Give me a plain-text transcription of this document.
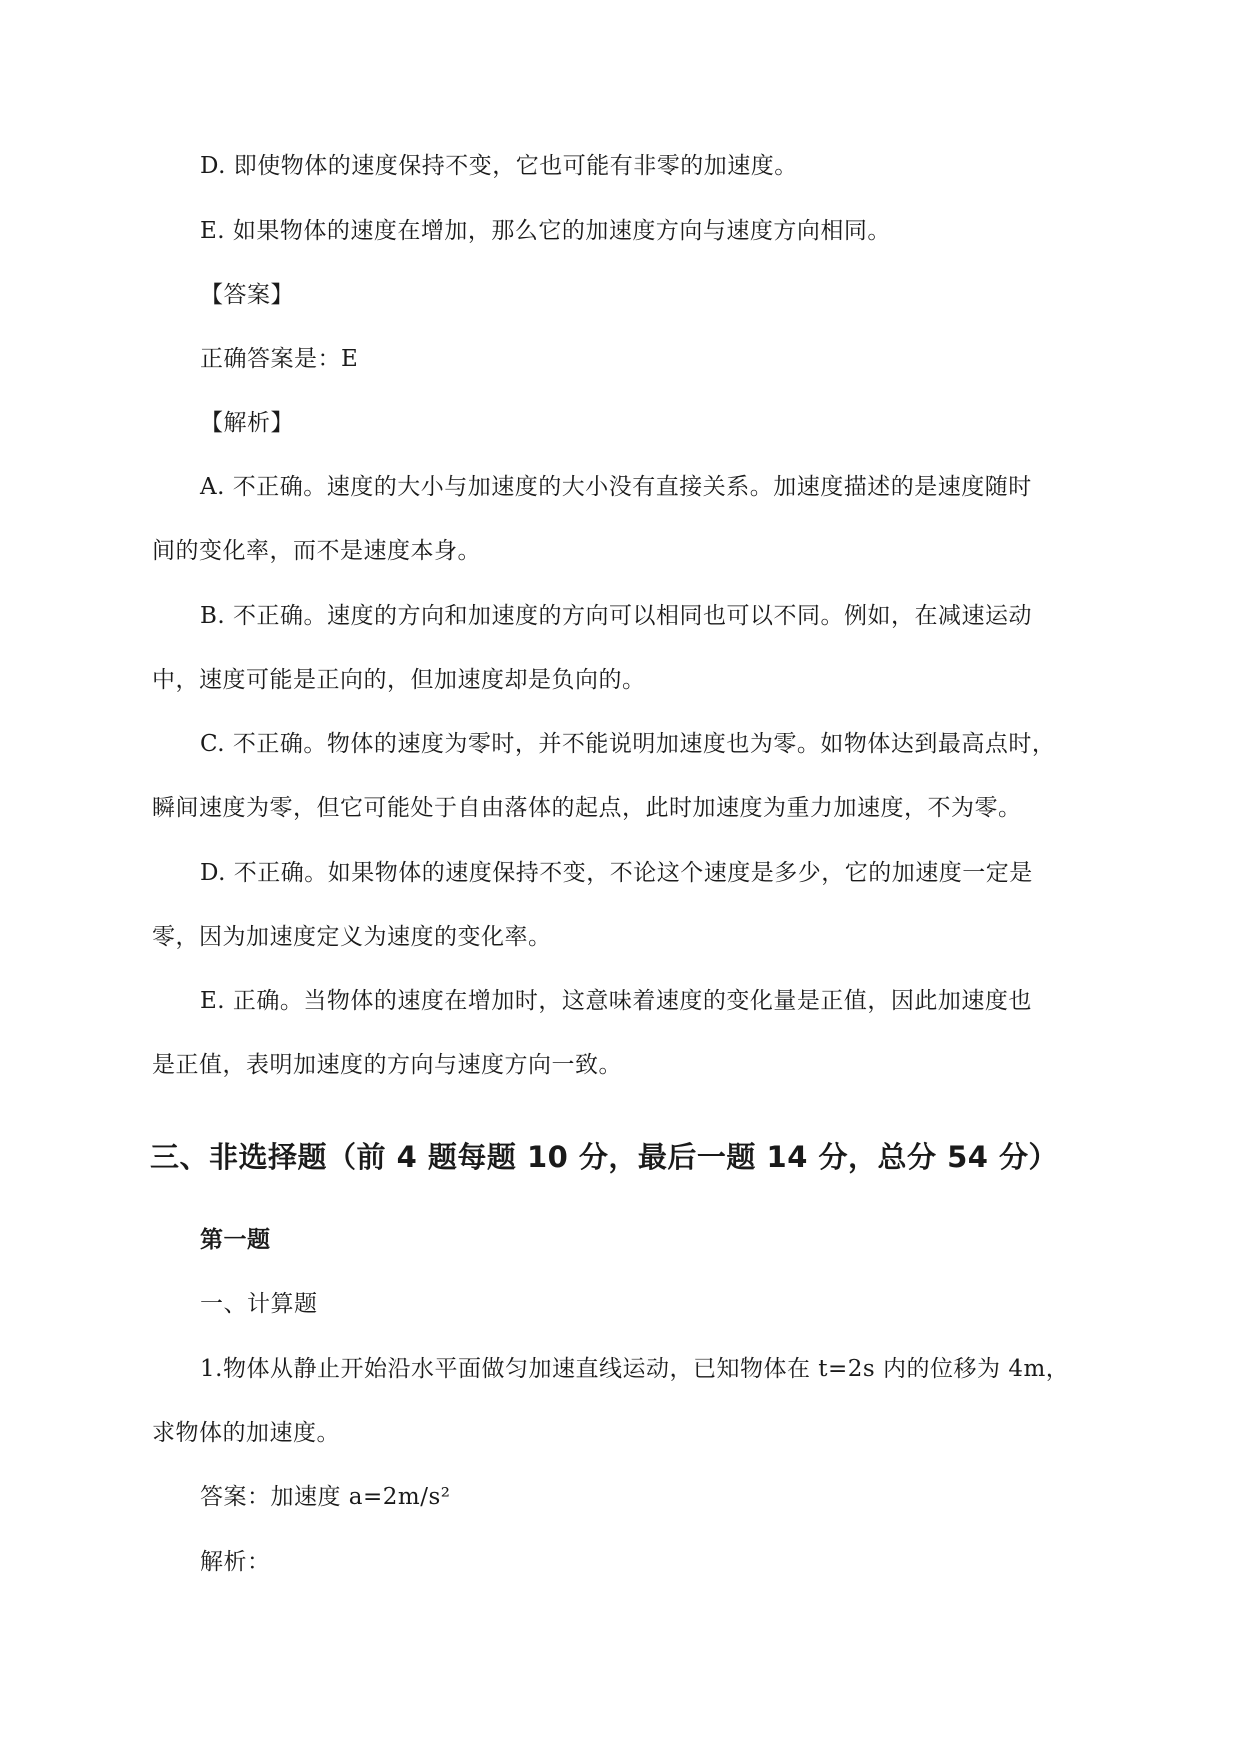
D. 即使物体的速度保持不变，它也可能有非零的加速度。
E. 如果物体的速度在增加，那么它的加速度方向与速度方向相同。
【答案】
正确答案是：E
【解析】
A. 不正确。速度的大小与加速度的大小没有直接关系。加速度描述的是速度随时
间的变化率，而不是速度本身。
B. 不正确。速度的方向和加速度的方向可以相同也可以不同。例如，在减速运动
中，速度可能是正向的，但加速度却是负向的。
C. 不正确。物体的速度为零时，并不能说明加速度也为零。如物体达到最高点时，
瞬间速度为零，但它可能处于自由落体的起点，此时加速度为重力加速度，不为零。
D. 不正确。如果物体的速度保持不变，不论这个速度是多少，它的加速度一定是
零，因为加速度定义为速度的变化率。
E. 正确。当物体的速度在增加时，这意味着速度的变化量是正值，因此加速度也
是正值，表明加速度的方向与速度方向一致。
三、非选择题（前 4 题每题 10 分，最后一题 14 分，总分 54 分）
第一题
一、计算题
1.物体从静止开始沿水平面做匀加速直线运动，已知物体在 t=2s 内的位移为 4m，
求物体的加速度。
答案：加速度 a=2m/s²
解析：
